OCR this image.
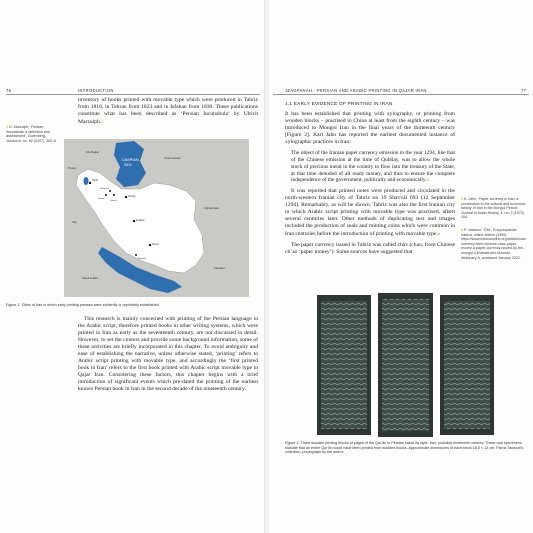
76	INTRODUCTION

inventory of books printed with movable type which were produced in Tabriz from 1818, in Tehran from 1823 and in Isfahan from 1830. These publications constitute what has been described as ‘Persian Incunabula’ by Ulrich Marzolph.4

4 U. Marzolph, ‘Persian incunabula: a definition and assessment’, Gutenberg-Jahrbuch, no. 82 (2007), 205–6.
CASPIAN
SEA
Azerbaijan
Turkmenistan
Turkey
Tabriz
Tehran
Qazvin
Soltanieh
Zanjan
Iraq	Esfahan
Shiraz
Afghanistan
Bushehr
Saudi Arabia
Pakistan
Figure 1. Cities of Iran in which early printing presses were evidently or reportedly established.

This research is mainly concerned with printing of the Persian language in the Arabic script, therefore printed books in other writing systems, which were printed in Iran as early as the seventeenth century, are not discussed in detail. However, to set the context and provide some background information, some of these activities are briefly incorporated in this chapter. To avoid ambiguity and ease of establishing the narrative, unless otherwise stated, ‘printing’ refers to Arabic script printing with movable type, and accordingly the ‘first printed book in Iran’ refers to the first book printed with Arabic script movable type in Qajar Iran. Considering these factors, this chapter begins with a brief introduction of significant events which pre-dated the printing of the earliest known Persian book in Iran in the second decade of the nineteenth century.

JZADPANAH · PERSIAN AND ARABIC PRINTING IN QAJAR IRAN	77
1.1 EARLY EVIDENCE OF PRINTING IN IRAN

It has been established that printing with xylography, or printing from wooden blocks – practised in China at least from the eighth century – was introduced to Mongol Iran in the final years of the thirteenth century [Figure 2]. Karl Jahn has reported the earliest documented instance of xylographic practices in Iran:

The object of the Iranian paper currency emission in the year 1294, like that of the Chinese emission at the time of Qubilay, was to allow the whole stock of precious metal in the country to flow into the treasury of the State, at that time denuded of all ready money, and thus to ensure the complete independence of the government, politically and economically.5

It was reported that printed notes were produced and circulated in the north-western Iranian city of Tabriz on 19 Shavvāl 693 (12 September 1294). Remarkably, as will be shown, Tabriz was also the first Iranian city in which Arabic script printing with movable type was practised, albeit several centuries later. Other methods of duplicating text and images included the production of seals and minting coins which were common in Iran centuries before the introduction of printing with movable type.6

The paper currency issued in Tabriz was called chāv (chao, from Chinese ch’ao ‘paper money’). Some sources have suggested that

5 K. Jahn, ‘Paper currency in Iran: a contribution to the cultural and economic history of Iran in the Mongol Period’, Journal of Asian History, 4, no. 2 (1970), 104.
6 P. Jackson, ‘Čāv’, Encyclopaedia Iranica, online edition (1990), https://www.iranicaonline.org/articles/cav-currency-from-chinese-chao-paper-money-a-paper-currency-issued-by-the-mongol-il-khanids-see-ilkhanid-dictionary-iv, accessed January 2022.
Figure 2. Three wooden printing blocks of pages of the Qur’ān in Persian nastaʿlīq style, Iran, probably nineteenth century. These rare specimens indicate that an entire Qur’ān could have been printed from wooden blocks. Approximate dimensions of each block 18.5 × 13 cm. Parviz Tanavoli’s collection, photograph by the author.
